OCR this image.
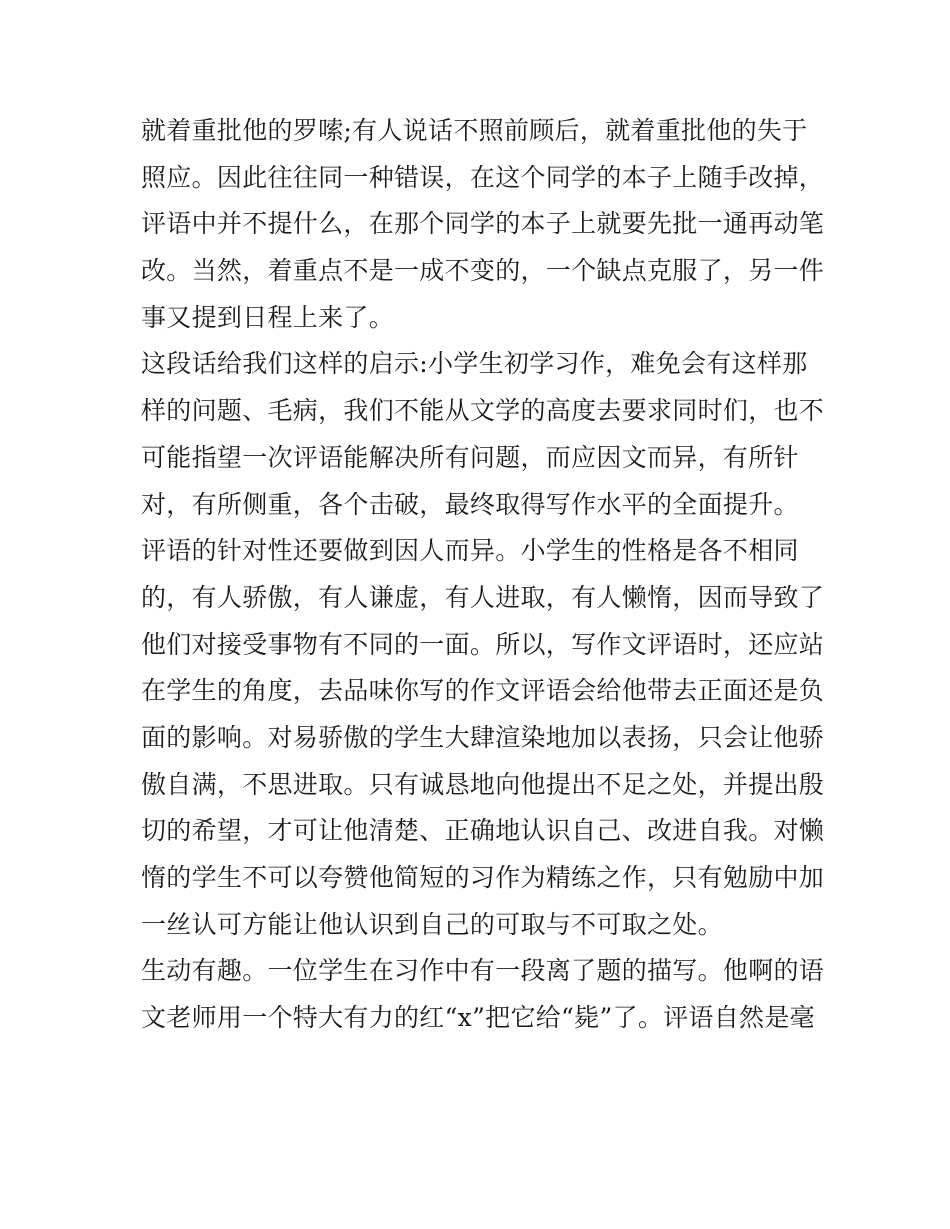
就着重批他的罗嗦;有人说话不照前顾后，就着重批他的失于
照应。因此往往同一种错误，在这个同学的本子上随手改掉，
评语中并不提什么，在那个同学的本子上就要先批一通再动笔
改。当然，着重点不是一成不变的，一个缺点克服了，另一件
事又提到日程上来了。
这段话给我们这样的启示:小学生初学习作，难免会有这样那
样的问题、毛病，我们不能从文学的高度去要求同时们，也不
可能指望一次评语能解决所有问题，而应因文而异，有所针
对，有所侧重，各个击破，最终取得写作水平的全面提升。
评语的针对性还要做到因人而异。小学生的性格是各不相同
的，有人骄傲，有人谦虚，有人进取，有人懒惰，因而导致了
他们对接受事物有不同的一面。所以，写作文评语时，还应站
在学生的角度，去品味你写的作文评语会给他带去正面还是负
面的影响。对易骄傲的学生大肆渲染地加以表扬，只会让他骄
傲自满，不思进取。只有诚恳地向他提出不足之处，并提出殷
切的希望，才可让他清楚、正确地认识自己、改进自我。对懒
惰的学生不可以夸赞他简短的习作为精练之作，只有勉励中加
一丝认可方能让他认识到自己的可取与不可取之处。
生动有趣。一位学生在习作中有一段离了题的描写。他啊的语
文老师用一个特大有力的红“x”把它给“毙”了。评语自然是毫
